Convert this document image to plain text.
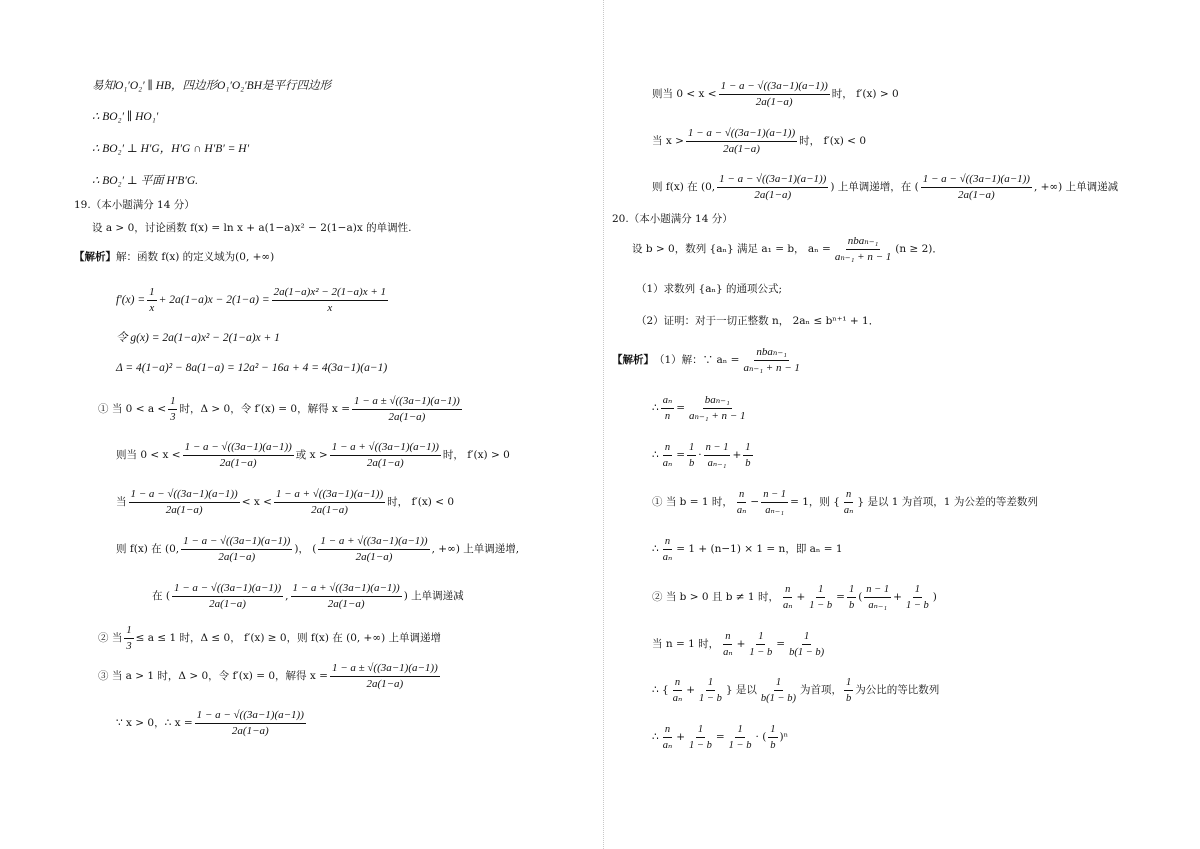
易知O₁′O₂′ ∥ HB，四边形O₁′O₂′BH是平行四边形
∴ BO₂′ ∥ HO₁′
∴ BO₂′ ⊥ H′G，H′G ∩ H′B′ = H′
∴ BO₂′ ⊥ 平面 H′B′G.
19.（本小题满分 14 分）
设 a > 0，讨论函数 f(x) = ln x + a(1−a)x² − 2(1−a)x 的单调性.
【解析】 解：函数 f(x) 的定义域为(0, +∞)
$f'(x) = \frac{1}{x} + 2a(1-a)x - 2(1-a) = \frac{\text{2a(1−a)x² − 2(1−a)x + 1}}{x}$
令 g(x) = 2a(1−a)x² − 2(1−a)x + 1
Δ = 4(1−a)² − 8a(1−a) = 12a² − 16a + 4 = 4(3a−1)(a−1)
① 当 $0 < a < \frac{1}{3}$ 时，Δ > 0，令 f′(x) = 0，解得 $x = \frac{1 - a \pm √((3a-1)(a-1))}{2a(1-a)}$
则当 $0 < x < \frac{1 - a - √((3a-1)(a-1))}{2a(1-a)}$ 或 $x > \frac{1 - a + √((3a-1)(a-1))}{2a(1-a)}$ 时， f′(x) > 0
当 $\frac{1 - a - √((3a-1)(a-1))}{2a(1-a)} < x < \frac{1 - a + √((3a-1)(a-1))}{2a(1-a)}$ 时， f′(x) < 0
则 f(x) 在 (0, $\frac{1 - a - √((3a-1)(a-1))}{2a(1-a)}$ )， ( $\frac{1 - a + √((3a-1)(a-1))}{2a(1-a)}$ , +∞) 上单调递增,
在 ( $\frac{1 - a - √((3a-1)(a-1))}{2a(1-a)}$ , $\frac{1 - a + √((3a-1)(a-1))}{2a(1-a)}$ ) 上单调递减
② 当 $\frac{1}{3} \le a \le 1$ 时，Δ ≤ 0， f′(x) ≥ 0，则 f(x) 在 (0, +∞) 上单调递增
③ 当 a > 1 时，Δ > 0，令 f′(x) = 0，解得 $x = \frac{1 - a \pm √((3a-1)(a-1))}{2a(1-a)}$
∵ x > 0，∴ $x = \frac{1 - a - √((3a-1)(a-1))}{2a(1-a)}$
则当 $0 < x < \frac{1 - a - √((3a-1)(a-1))}{2a(1-a)}$ 时， f′(x) > 0
当 $x > \frac{1 - a - √((3a-1)(a-1))}{2a(1-a)}$ 时， f′(x) < 0
则 f(x) 在 (0, $\frac{1 - a - √((3a-1)(a-1))}{2a(1-a)}$ ) 上单调递增，在 ( $\frac{1 - a - √((3a-1)(a-1))}{2a(1-a)}$ , +∞) 上单调递减
20.（本小题满分 14 分）
设 b > 0，数列 {aₙ} 满足 a₁ = b， $a_n = \frac{\text{nbaₙ₋₁}}{\text{aₙ₋₁ + n − 1}} (n \ge 2)$．
（1）求数列 {aₙ} 的通项公式;
（2）证明：对于一切正整数 n， 2aₙ ≤ bⁿ⁺¹ + 1．
【解析】 （1）解：∵ $a_n = \frac{\text{nbaₙ₋₁}}{\text{aₙ₋₁ + n − 1}}$
∴ $\frac{\text{aₙ}}{n} = \frac{\text{baₙ₋₁}}{\text{aₙ₋₁ + n − 1}}$
∴ $\frac{n}{\text{aₙ}} = \frac{1}{b} \cdot \frac{n - 1}{\text{aₙ₋₁}} + \frac{1}{b}$
① 当 b = 1 时， $\frac{n}{\text{aₙ}} - \frac{n - 1}{\text{aₙ₋₁}} = 1$，则 { $\frac{n}{\text{aₙ}}$ } 是以 1 为首项，1 为公差的等差数列
∴ $\frac{n}{\text{aₙ}} = 1 + (n-1) \times 1 = n$，即 aₙ = 1
② 当 b > 0 且 b ≠ 1 时， $\frac{n}{\text{aₙ}} + \frac{1}{1 - b} = \frac{1}{b}$ ( $\frac{n - 1}{\text{aₙ₋₁}} + \frac{1}{1 - b}$ )
当 n = 1 时， $\frac{n}{\text{aₙ}} + \frac{1}{1 - b} = \frac{1}{b(1 - b)}$
∴ { $\frac{n}{\text{aₙ}} + \frac{1}{1 - b}$ } 是以 $\frac{1}{b(1 - b)}$ 为首项， $\frac{1}{b}$ 为公比的等比数列
∴ $\frac{n}{\text{aₙ}} + \frac{1}{1 - b} = \frac{1}{1 - b}$ · ( $\frac{1}{b} )^n$
